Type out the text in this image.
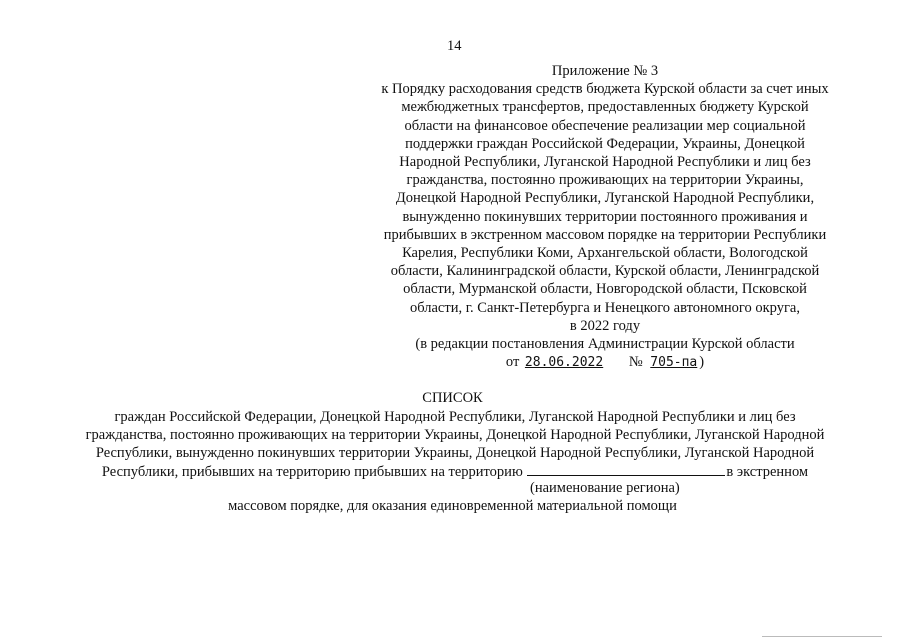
14
Приложение № 3
к Порядку расходования средств бюджета Курской области за счет иных
межбюджетных трансфертов, предоставленных бюджету Курской
области на финансовое обеспечение реализации мер социальной
поддержки граждан Российской Федерации, Украины, Донецкой
Народной Республики, Луганской Народной Республики и лиц без
гражданства, постоянно проживающих на территории Украины,
Донецкой Народной Республики, Луганской Народной Республики,
вынужденно покинувших территории постоянного проживания и
прибывших в экстренном массовом порядке на территории Республики
Карелия, Республики Коми, Архангельской области, Вологодской
области, Калининградской области, Курской области, Ленинградской
области, Мурманской области, Новгородской области, Псковской
области, г. Санкт-Петербурга и Ненецкого автономного округа,
в 2022 году
(в редакции постановления Администрации Курской области
от 28.06.2022 № 705-па )
СПИСОК
граждан Российской Федерации, Донецкой Народной Республики, Луганской Народной Республики и лиц без
гражданства, постоянно проживающих на территории Украины, Донецкой Народной Республики, Луганской Народной
Республики, вынужденно покинувших территории Украины, Донецкой Народной Республики, Луганской Народной
Республики, прибывших на территорию прибывших на территорию	в экстренном
(наименование региона)
массовом порядке, для оказания единовременной материальной помощи
